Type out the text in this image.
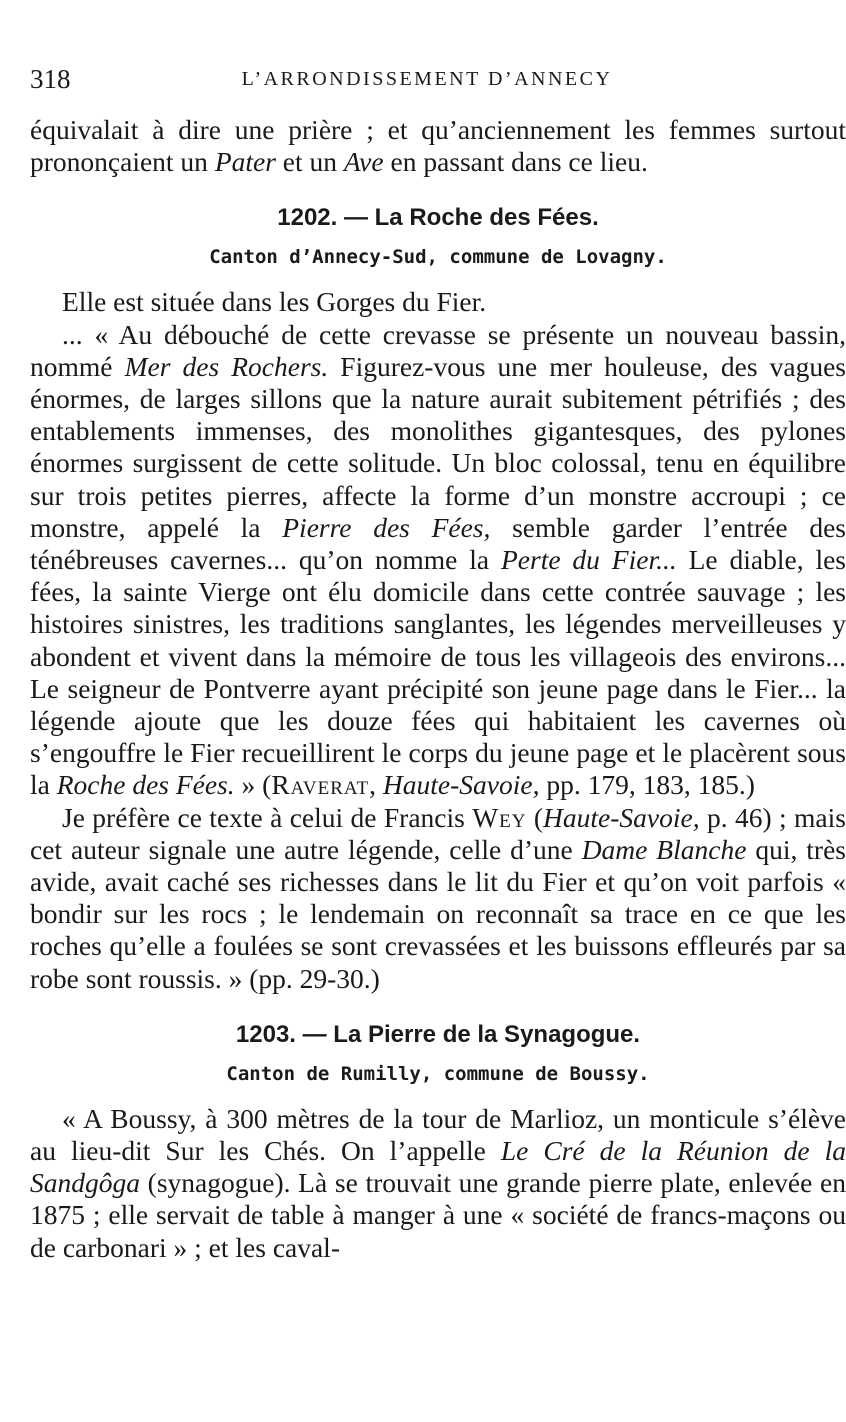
318	L’ARRONDISSEMENT D’ANNECY

équivalait à dire une prière ; et qu’anciennement les femmes surtout prononçaient un Pater et un Ave en passant dans ce lieu.

1202. — La Roche des Fées.
Canton d’Annecy-Sud, commune de Lovagny.

Elle est située dans les Gorges du Fier.

... « Au débouché de cette crevasse se présente un nouveau bassin, nommé Mer des Rochers. Figurez-vous une mer houleuse, des vagues énormes, de larges sillons que la nature aurait subitement pétrifiés ; des entablements immenses, des monolithes gigantesques, des pylones énormes surgissent de cette solitude. Un bloc colossal, tenu en équilibre sur trois petites pierres, affecte la forme d’un monstre accroupi ; ce monstre, appelé la Pierre des Fées, semble garder l’entrée des ténébreuses cavernes... qu’on nomme la Perte du Fier... Le diable, les fées, la sainte Vierge ont élu domicile dans cette contrée sauvage ; les histoires sinistres, les traditions sanglantes, les légendes merveilleuses y abondent et vivent dans la mémoire de tous les villageois des environs... Le seigneur de Pontverre ayant précipité son jeune page dans le Fier... la légende ajoute que les douze fées qui habitaient les cavernes où s’engouffre le Fier recueillirent le corps du jeune page et le placèrent sous la Roche des Fées. » (Raverat, Haute-Savoie, pp. 179, 183, 185.)

Je préfère ce texte à celui de Francis Wey (Haute-Savoie, p. 46) ; mais cet auteur signale une autre légende, celle d’une Dame Blanche qui, très avide, avait caché ses richesses dans le lit du Fier et qu’on voit parfois « bondir sur les rocs ; le lendemain on reconnaît sa trace en ce que les roches qu’elle a foulées se sont crevassées et les buissons effleurés par sa robe sont roussis. » (pp. 29-30.)

1203. — La Pierre de la Synagogue.
Canton de Rumilly, commune de Boussy.

« A Boussy, à 300 mètres de la tour de Marlioz, un monticule s’élève au lieu-dit Sur les Chés. On l’appelle Le Cré de la Réunion de la Sandgôga (synagogue). Là se trouvait une grande pierre plate, enlevée en 1875 ; elle servait de table à manger à une « société de francs-maçons ou de carbonari » ; et les caval-
